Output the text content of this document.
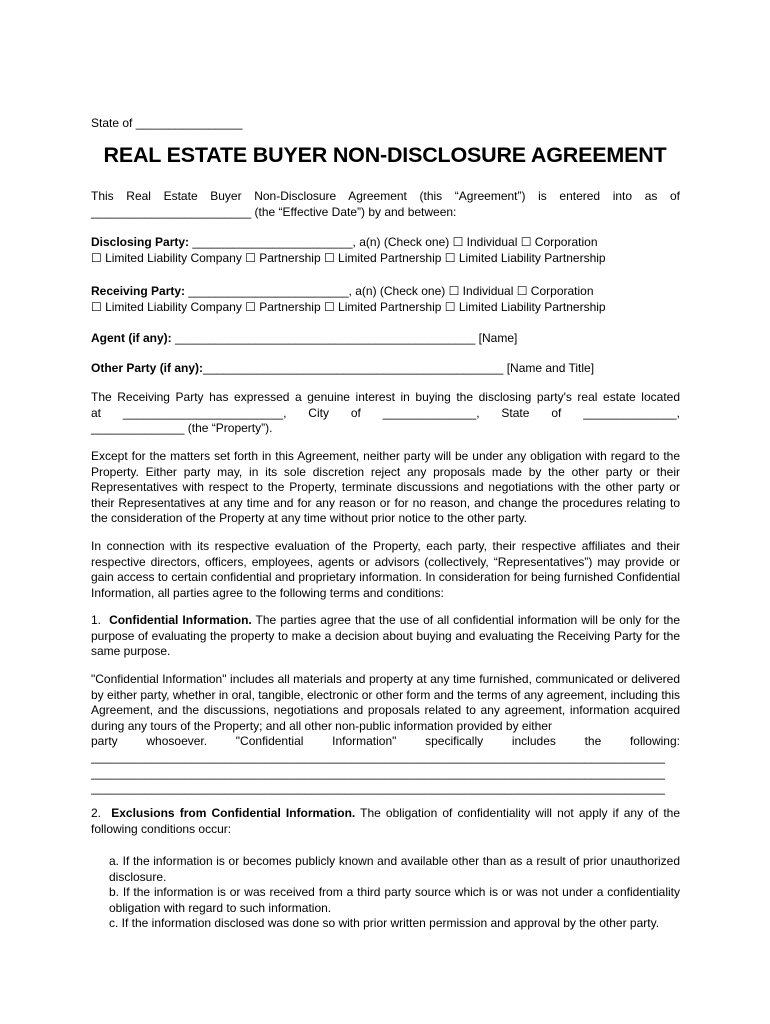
State of ________________
REAL ESTATE BUYER NON-DISCLOSURE AGREEMENT
This Real Estate Buyer Non-Disclosure Agreement (this “Agreement”) is entered into as of
________________________ (the “Effective Date”) by and between:
Disclosing Party: ________________________, a(n) (Check one) ☐ Individual ☐ Corporation
☐ Limited Liability Company ☐ Partnership ☐ Limited Partnership ☐ Limited Liability Partnership
Receiving Party: ________________________, a(n) (Check one) ☐ Individual ☐ Corporation
☐ Limited Liability Company ☐ Partnership ☐ Limited Partnership ☐ Limited Liability Partnership
Agent (if any): _____________________________________________ [Name]
Other Party (if any):_____________________________________________ [Name and Title]
The Receiving Party has expressed a genuine interest in buying the disclosing party's real estate located
at ________________________, City of ______________, State of ______________,
______________ (the “Property”).
Except for the matters set forth in this Agreement, neither party will be under any obligation with regard to the Property. Either party may, in its sole discretion reject any proposals made by the other party or their Representatives with respect to the Property, terminate discussions and negotiations with the other party or their Representatives at any time and for any reason or for no reason, and change the procedures relating to the consideration of the Property at any time without prior notice to the other party.
In connection with its respective evaluation of the Property, each party, their respective affiliates and their respective directors, officers, employees, agents or advisors (collectively, “Representatives”) may provide or gain access to certain confidential and proprietary information. In consideration for being furnished Confidential Information, all parties agree to the following terms and conditions:
1. Confidential Information. The parties agree that the use of all confidential information will be only for the purpose of evaluating the property to make a decision about buying and evaluating the Receiving Party for the same purpose.
"Confidential Information" includes all materials and property at any time furnished, communicated or delivered by either party, whether in oral, tangible, electronic or other form and the terms of any agreement, including this Agreement, and the discussions, negotiations and proposals related to any agreement, information acquired during any tours of the Property; and all other non-public information provided by either
party whosoever. "Confidential Information" specifically includes the following:
______________________________________________________________________________________
______________________________________________________________________________________
______________________________________________________________________________________
2. Exclusions from Confidential Information. The obligation of confidentiality will not apply if any of the following conditions occur:
a. If the information is or becomes publicly known and available other than as a result of prior unauthorized disclosure.
b. If the information is or was received from a third party source which is or was not under a confidentiality obligation with regard to such information.
c. If the information disclosed was done so with prior written permission and approval by the other party.
